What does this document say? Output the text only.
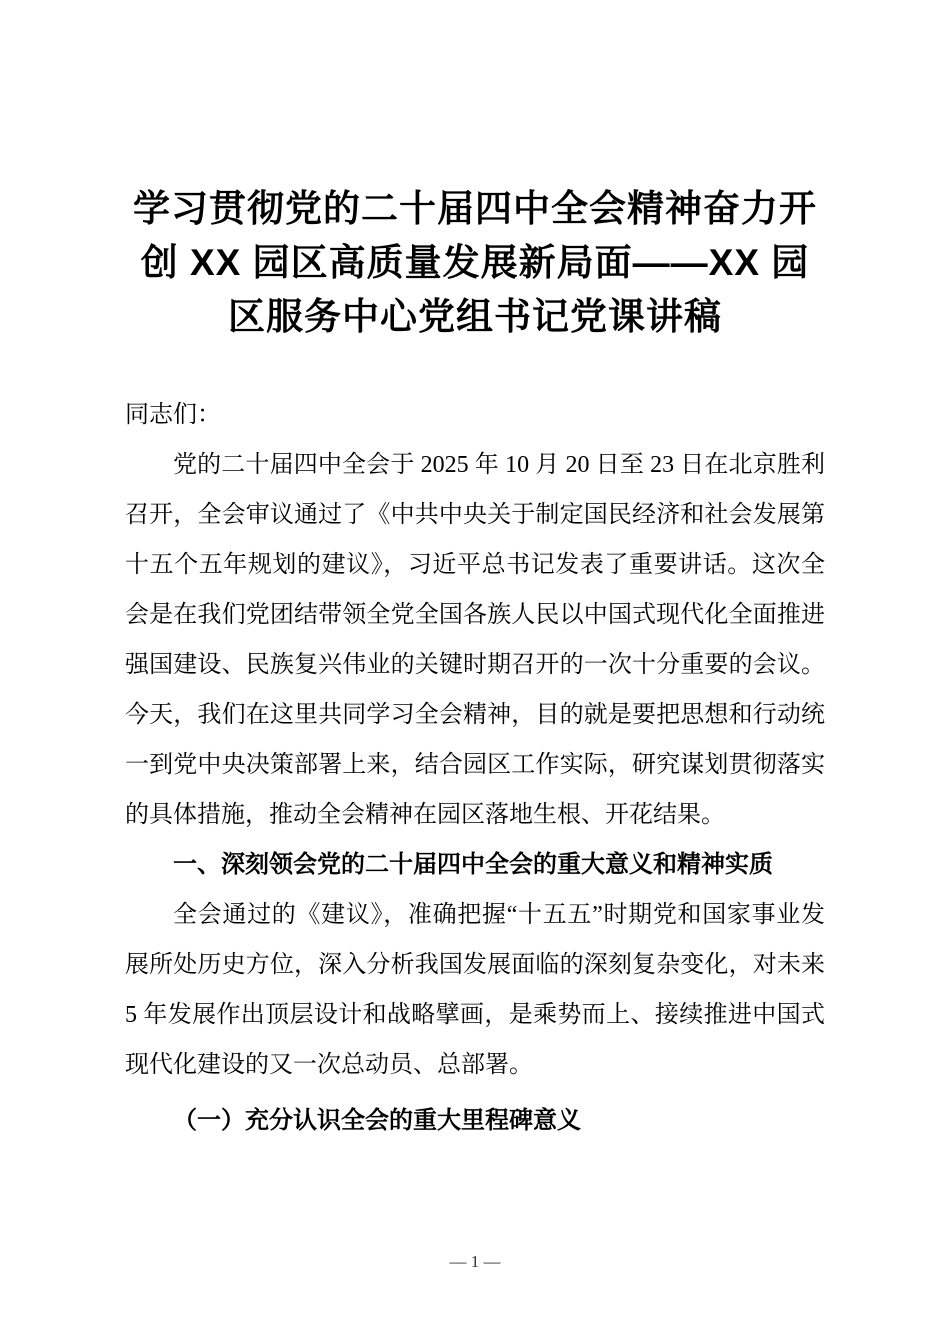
学习贯彻党的二十届四中全会精神奋力开创 XX 园区高质量发展新局面——XX 园区服务中心党组书记党课讲稿

同志们：

党的二十届四中全会于 2025 年 10 月 20 日至 23 日在北京胜利召开，全会审议通过了《中共中央关于制定国民经济和社会发展第十五个五年规划的建议》，习近平总书记发表了重要讲话。这次全会是在我们党团结带领全党全国各族人民以中国式现代化全面推进强国建设、民族复兴伟业的关键时期召开的一次十分重要的会议。今天，我们在这里共同学习全会精神，目的就是要把思想和行动统一到党中央决策部署上来，结合园区工作实际，研究谋划贯彻落实的具体措施，推动全会精神在园区落地生根、开花结果。

一、深刻领会党的二十届四中全会的重大意义和精神实质

全会通过的《建议》，准确把握“十五五”时期党和国家事业发展所处历史方位，深入分析我国发展面临的深刻复杂变化，对未来 5 年发展作出顶层设计和战略擘画，是乘势而上、接续推进中国式现代化建设的又一次总动员、总部署。

（一）充分认识全会的重大里程碑意义

— 1 —
